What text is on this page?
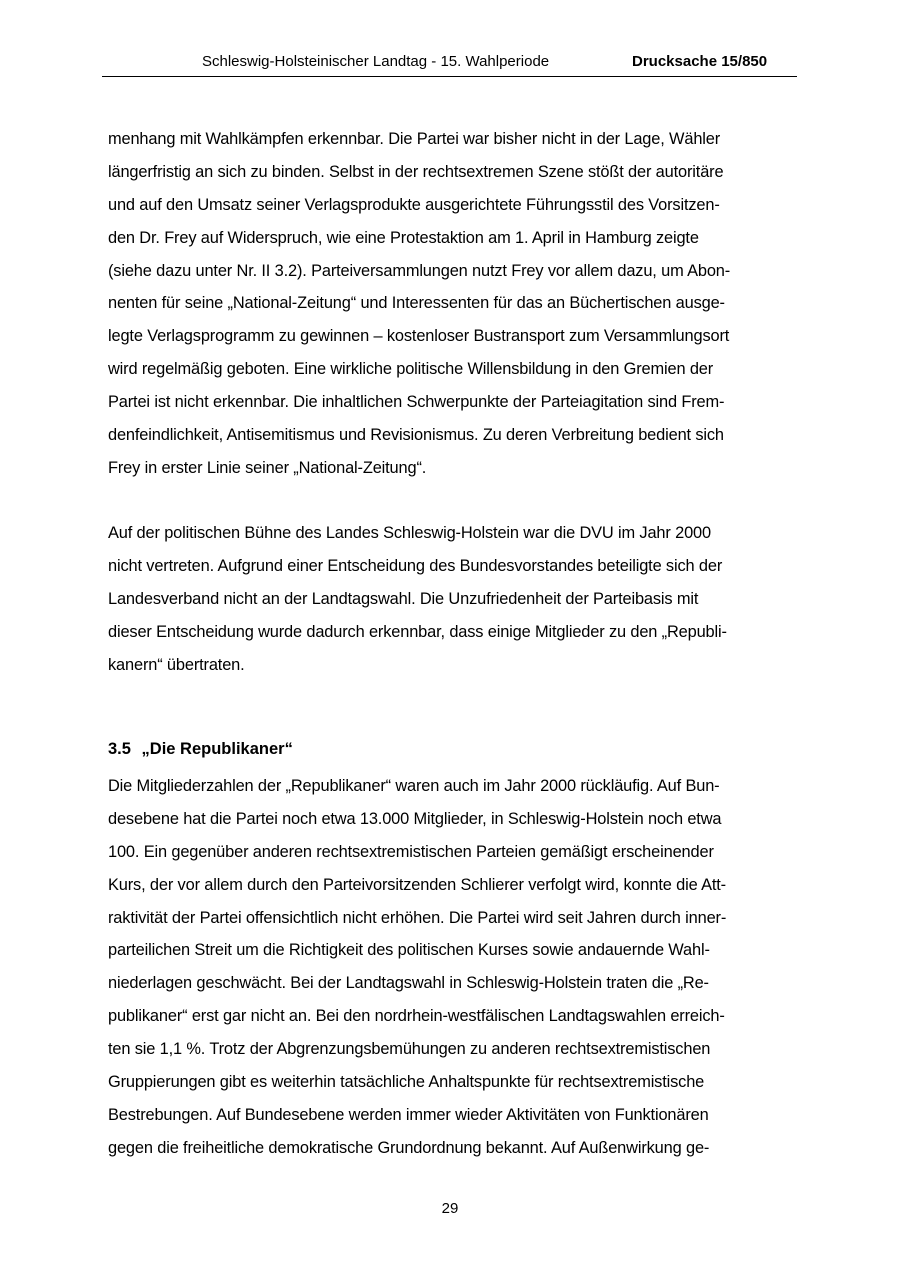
Schleswig-Holsteinischer Landtag - 15. Wahlperiode	Drucksache 15/850
menhang mit Wahlkämpfen erkennbar. Die Partei war bisher nicht in der Lage, Wähler
längerfristig an sich zu binden. Selbst in der rechtsextremen Szene stößt der autoritäre
und auf den Umsatz seiner Verlagsprodukte ausgerichtete Führungsstil des Vorsitzen-
den Dr. Frey auf Widerspruch, wie eine Protestaktion am 1. April in Hamburg zeigte
(siehe dazu unter Nr. II 3.2). Parteiversammlungen nutzt Frey vor allem dazu, um Abon-
nenten für seine „National-Zeitung“ und Interessenten für das an Büchertischen ausge-
legte Verlagsprogramm zu gewinnen – kostenloser Bustransport zum Versammlungsort
wird regelmäßig geboten. Eine wirkliche politische Willensbildung in den Gremien der
Partei ist nicht erkennbar. Die inhaltlichen Schwerpunkte der Parteiagitation sind Frem-
denfeindlichkeit, Antisemitismus und Revisionismus. Zu deren Verbreitung bedient sich
Frey in erster Linie seiner „National-Zeitung“.
Auf der politischen Bühne des Landes Schleswig-Holstein war die DVU im Jahr 2000
nicht vertreten. Aufgrund einer Entscheidung des Bundesvorstandes beteiligte sich der
Landesverband nicht an der Landtagswahl. Die Unzufriedenheit der Parteibasis mit
dieser Entscheidung wurde dadurch erkennbar, dass einige Mitglieder zu den „Republi-
kanern“ übertraten.
3.5 „Die Republikaner“
Die Mitgliederzahlen der „Republikaner“ waren auch im Jahr 2000 rückläufig. Auf Bun-
desebene hat die Partei noch etwa 13.000 Mitglieder, in Schleswig-Holstein noch etwa
100. Ein gegenüber anderen rechtsextremistischen Parteien gemäßigt erscheinender
Kurs, der vor allem durch den Parteivorsitzenden Schlierer verfolgt wird, konnte die Att-
raktivität der Partei offensichtlich nicht erhöhen. Die Partei wird seit Jahren durch inner-
parteilichen Streit um die Richtigkeit des politischen Kurses sowie andauernde Wahl-
niederlagen geschwächt. Bei der Landtagswahl in Schleswig-Holstein traten die „Re-
publikaner“ erst gar nicht an. Bei den nordrhein-westfälischen Landtagswahlen erreich-
ten sie 1,1 %. Trotz der Abgrenzungsbemühungen zu anderen rechtsextremistischen
Gruppierungen gibt es weiterhin tatsächliche Anhaltspunkte für rechtsextremistische
Bestrebungen. Auf Bundesebene werden immer wieder Aktivitäten von Funktionären
gegen die freiheitliche demokratische Grundordnung bekannt. Auf Außenwirkung ge-
29
